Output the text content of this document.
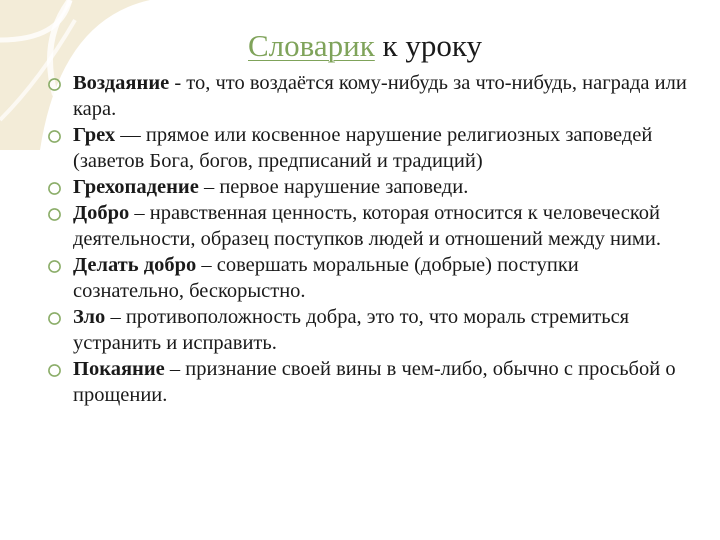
Словарик к уроку
Воздаяние - то, что воздаётся кому-нибудь за что-нибудь, награда или кара.
Грех — прямое или косвенное нарушение религиозных заповедей (заветов Бога, богов, предписаний и традиций)
Грехопадение – первое нарушение заповеди.
Добро – нравственная ценность, которая относится к человеческой деятельности, образец поступков людей и отношений между ними.
Делать добро – совершать моральные (добрые) поступки сознательно, бескорыстно.
Зло – противоположность добра, это то, что мораль стремиться устранить и исправить.
Покаяние – признание своей вины в чем-либо, обычно с просьбой о прощении.
